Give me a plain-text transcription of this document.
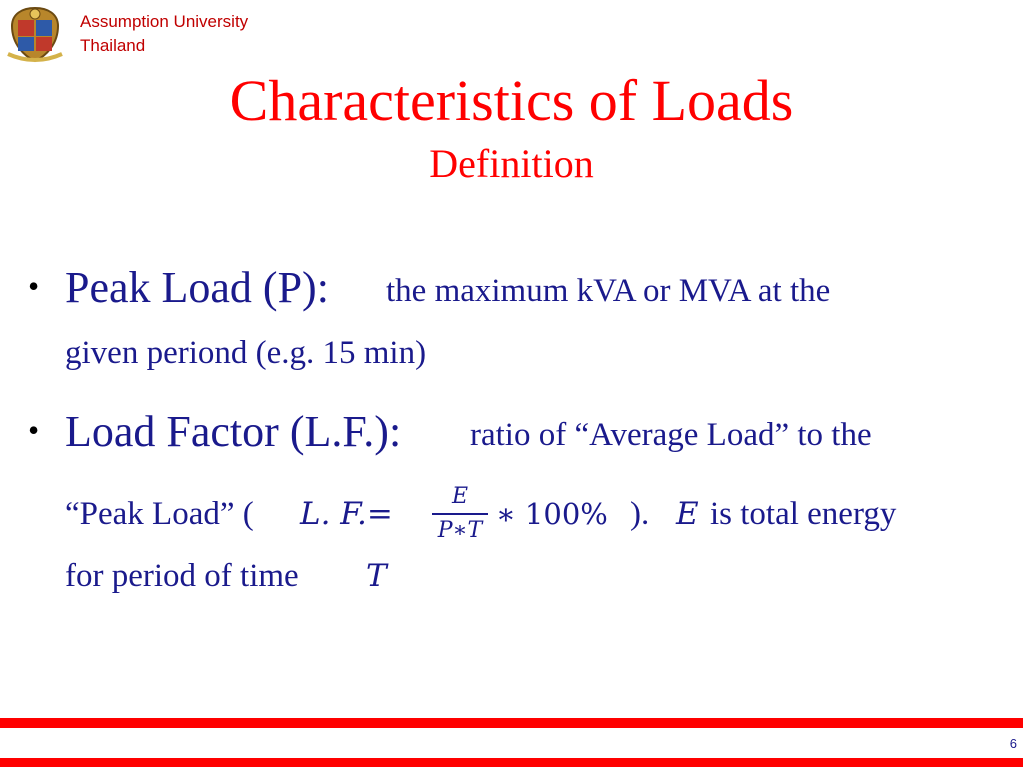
Assumption University
Thailand
Characteristics of Loads
Definition
• Peak Load (P): the maximum kVA or MVA at the
given periond (e.g. 15 min)
• Load Factor (L.F.): ratio of “Average Load” to the
“Peak Load” ( L. F.=	E
P∗T ∗ 100% ). E is total energy
for period of time T
6
